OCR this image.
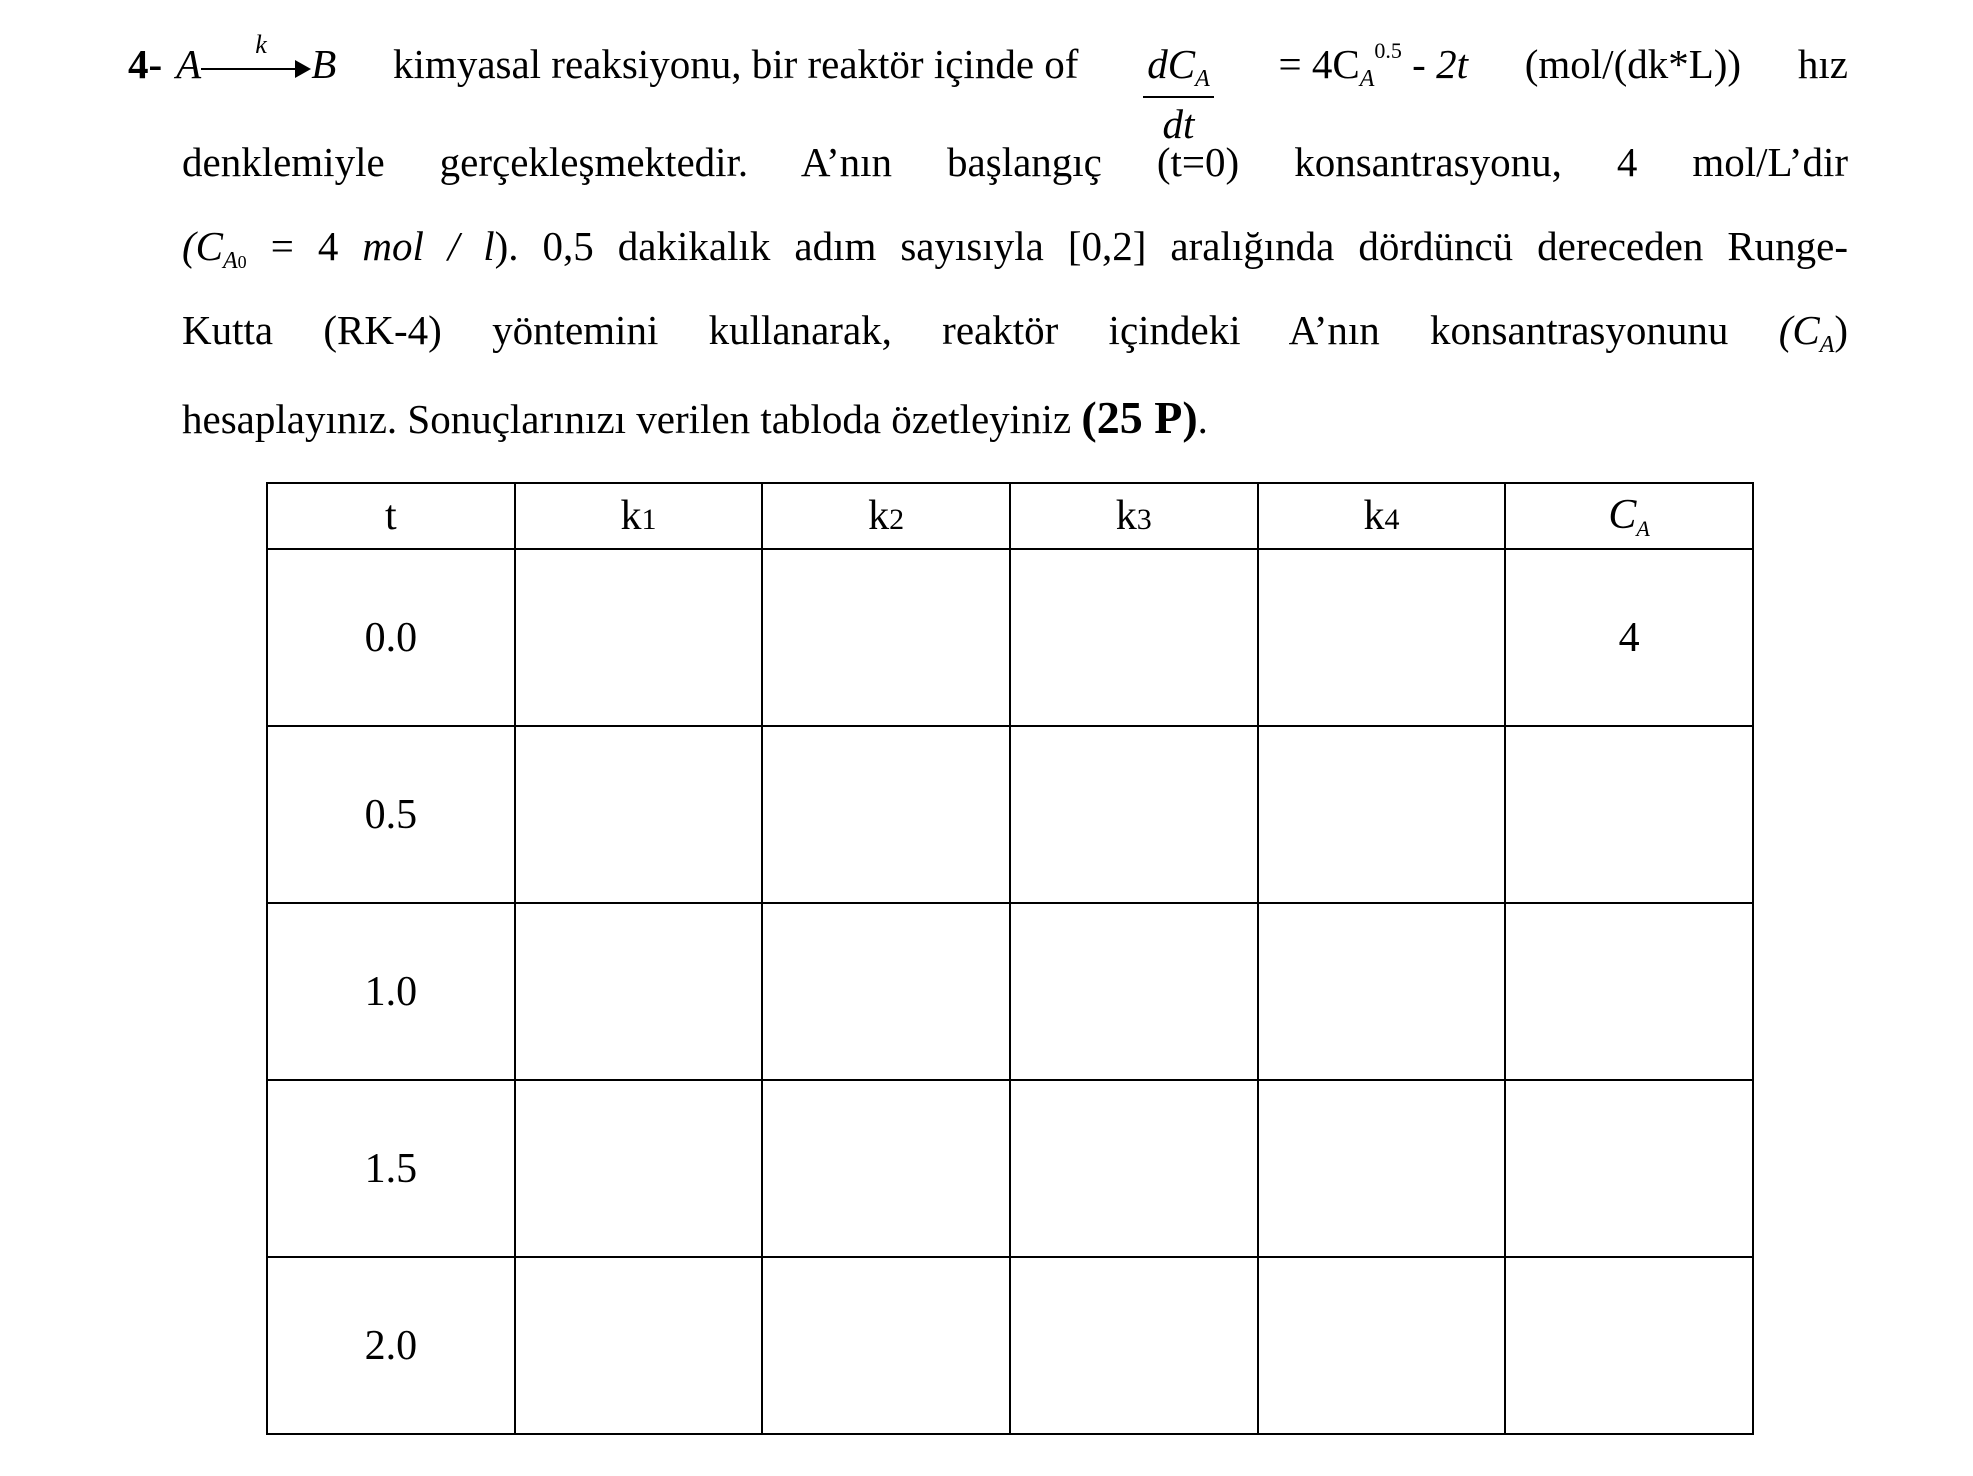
4- A k B kimyasal reaksiyonu, bir reaktör içinde of $\frac{dC_A}{dt} = 4C_A^{0.5} - 2t$ (mol/(dk*L)) hız
denklemiyle gerçekleşmektedir. A’nın başlangıç (t=0) konsantrasyonu, 4 mol/L’dir
($C_{A0} = 4$ mol / l). 0,5 dakikalık adım sayısıyla [0,2] aralığında dördüncü dereceden Runge-
Kutta (RK-4) yöntemini kullanarak, reaktör içindeki A’nın konsantrasyonunu $(C_A)$
hesaplayınız. Sonuçlarınızı verilen tabloda özetleyiniz (25 P).
t	k1	k2	k3	k4	$C_A$
0.0					4
0.5					
1.0					
1.5					
2.0					
